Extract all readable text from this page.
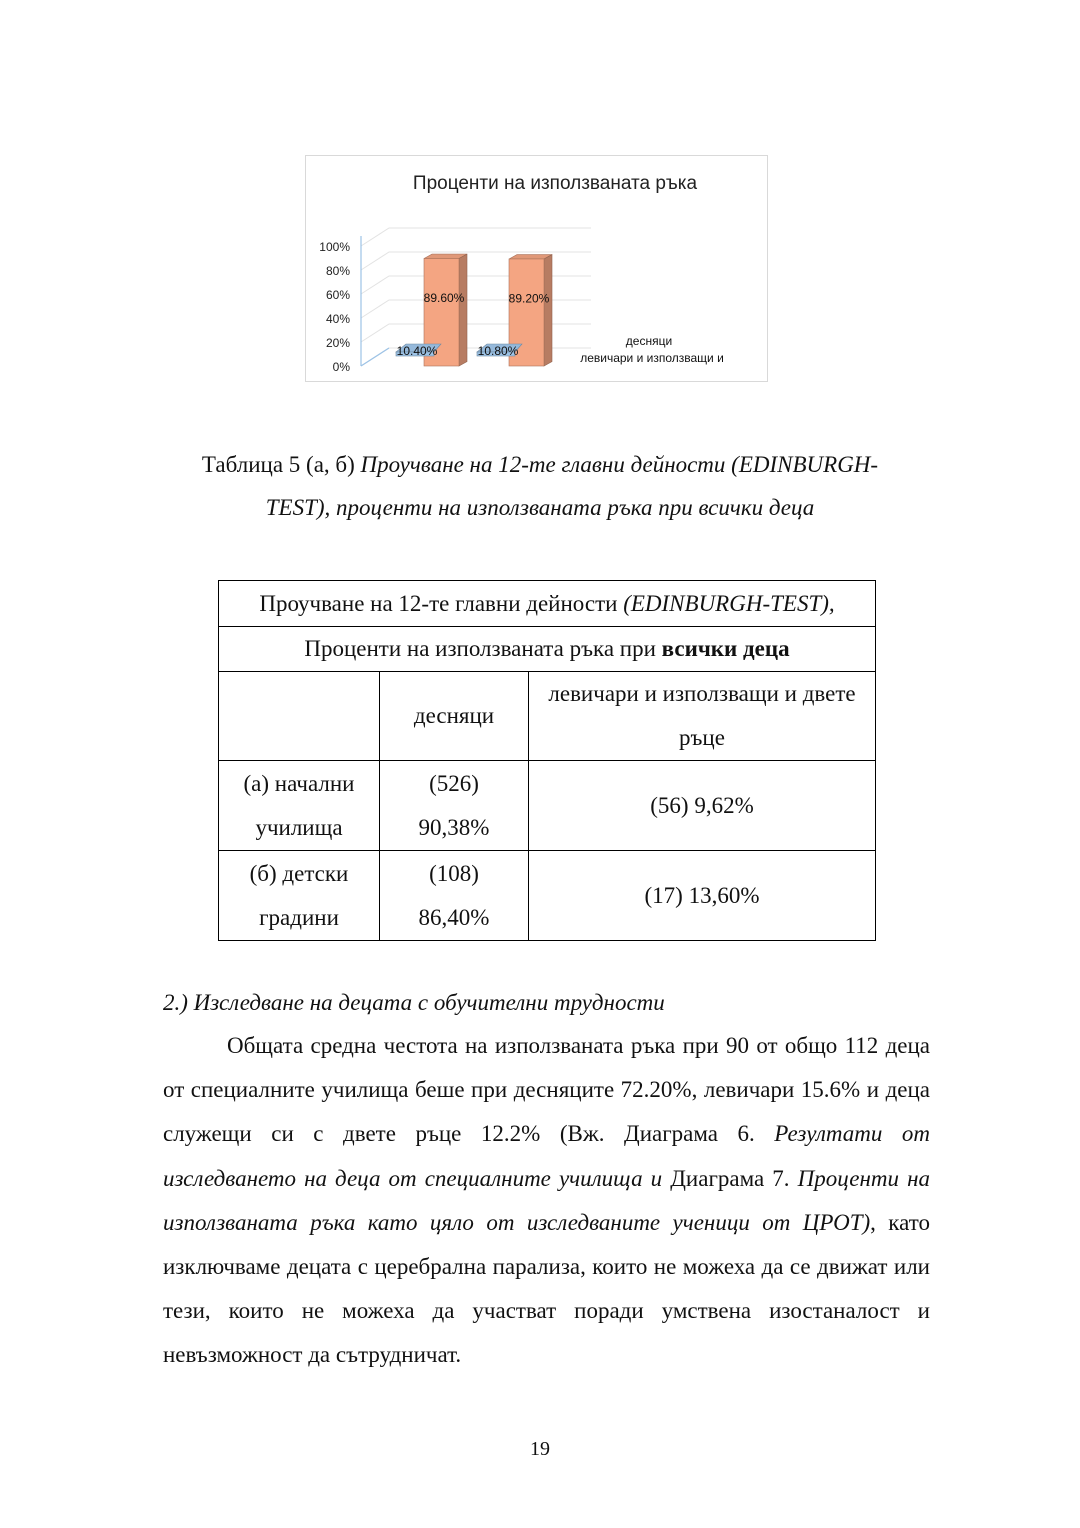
Проценти на използваната ръка
100%
80%
60%
40%
20%
0%
89.60%	89.20%
10.40%	10.80%
десняци
левичари и използващи и
Таблица 5 (а, б) Проучване на 12-те главни дейности (EDINBURGH-
TEST), проценти на използваната ръка при всички деца
Проучване на 12-те главни дейности (EDINBURGH-TEST),		
Проценти на използваната ръка при всички деца		
	десняци	левичари и използващи и двете ръце
(а) начални училища	(526) 90,38%	(56) 9,62%
(б) детски градини	(108) 86,40%	(17) 13,60%
2.) Изследване на децата с обучителни трудности
Общата средна честота на използваната ръка при 90 от общо 112 деца от специалните училища беше при десняците 72.20%, левичари 15.6% и деца служещи си с двете ръце 12.2% (Вж. Диаграма 6. Резултати от изследването на деца от специалните училища и Диаграма 7. Проценти на използваната ръка като цяло от изследваните ученици от ЦРОТ), като изключваме децата с церебрална парализа, които не можеха да се движат или тези, които не можеха да участват поради умствена изостаналост и невъзможност да сътрудничат.
19
